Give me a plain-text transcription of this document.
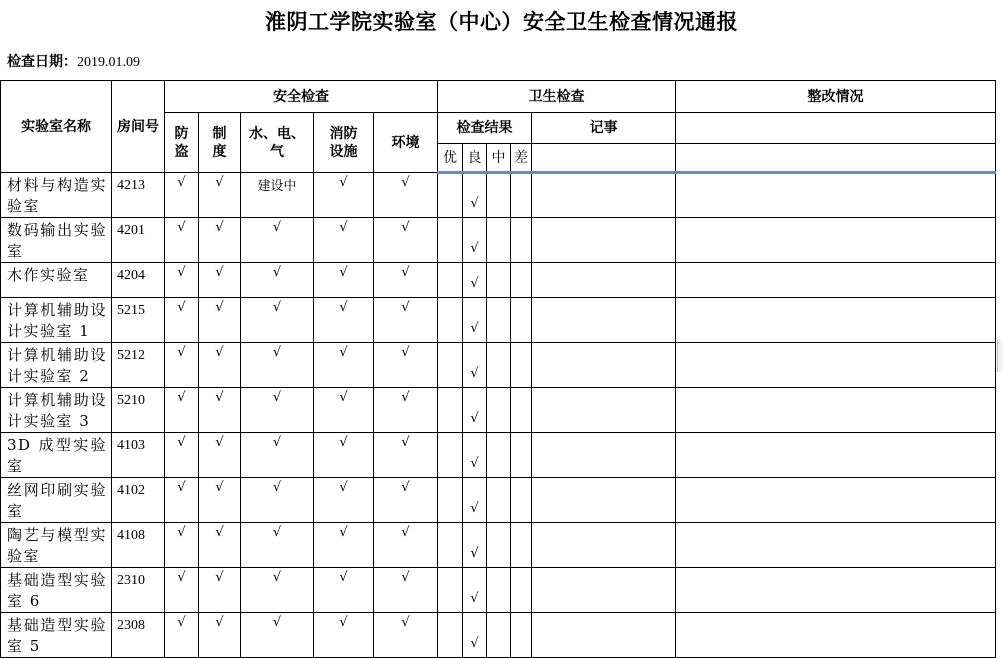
淮阴工学院实验室（中心）安全卫生检查情况通报
检查日期：2019.01.09
实验室名称	房间号	安全检查					卫生检查					整改情况
		防盗	制度	水、电、气	消防设施	环境	检查结果				记事	
							优	良	中	差		
材料与构造实验室	4213	√	√	建设中	√	√		√				
数码输出实验室	4201	√	√	√	√	√		√				
木作实验室	4204	√	√	√	√	√		√				
计算机辅助设计实验室 1	5215	√	√	√	√	√		√				
计算机辅助设计实验室 2	5212	√	√	√	√	√		√				
计算机辅助设计实验室 3	5210	√	√	√	√	√		√				
3D 成型实验室	4103	√	√	√	√	√		√				
丝网印刷实验室	4102	√	√	√	√	√		√				
陶艺与模型实验室	4108	√	√	√	√	√		√				
基础造型实验室 6	2310	√	√	√	√	√		√				
基础造型实验室 5	2308	√	√	√	√	√		√				
